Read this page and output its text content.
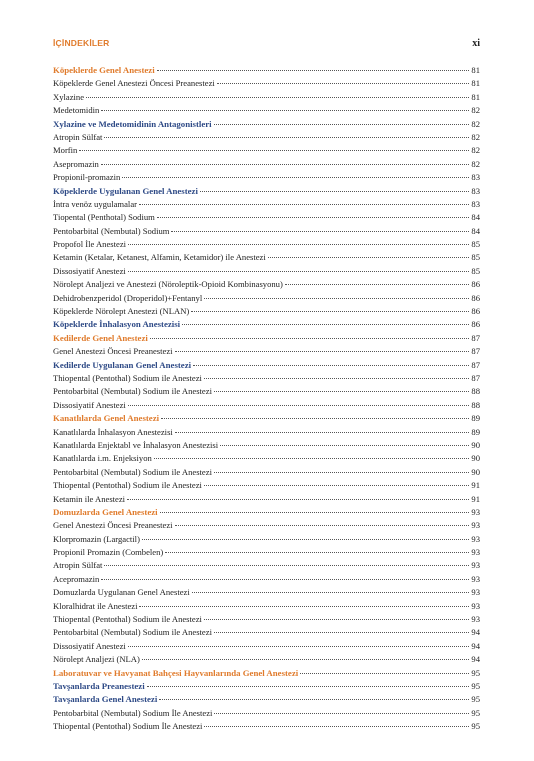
İÇİNDEKİLER	xi
Köpeklerde Genel Anestezi	81
Köpeklerde Genel Anestezi Öncesi Preanestezi	81
Xylazine	81
Medetomidin	82
Xylazine ve Medetomidinin Antagonistleri	82
Atropin Sülfat	82
Morfin	82
Asepromazin	82
Propionil-promazin	83
Köpeklerde Uygulanan Genel Anestezi	83
İntra venöz uygulamalar	83
Tiopental (Penthotal) Sodium	84
Pentobarbital (Nembutal) Sodium	84
Propofol İle Anestezi	85
Ketamin (Ketalar, Ketanest, Alfamin, Ketamidor) ile Anestezi	85
Dissosiyatif Anestezi	85
Nörolept Analjezi ve Anestezi (Nöroleptik-Opioid Kombinasyonu)	86
Dehidrobenzperidol (Droperidol)+Fentanyl	86
Köpeklerde Nörolept Anestezi (NLAN)	86
Köpeklerde İnhalasyon Anestezisi	86
Kedilerde Genel Anestezi	87
Genel Anestezi Öncesi Preanestezi	87
Kedilerde Uygulanan Genel Anestezi	87
Thiopental (Pentothal) Sodium ile Anestezi	87
Pentobarbital (Nembutal) Sodium ile Anestezi	88
Dissosiyatif Anestezi	88
Kanatlılarda Genel Anestezi	89
Kanatlılarda İnhalasyon Anestezisi	89
Kanatlılarda Enjektabl ve İnhalasyon Anestezisi	90
Kanatlılarda i.m. Enjeksiyon	90
Pentobarbital (Nembutal) Sodium ile Anestezi	90
Thiopental (Pentothal) Sodium ile Anestezi	91
Ketamin ile Anestezi	91
Domuzlarda Genel Anestezi	93
Genel Anestezi Öncesi Preanestezi	93
Klorpromazin (Largactil)	93
Propionil Promazin (Combelen)	93
Atropin Sülfat	93
Acepromazin	93
Domuzlarda Uygulanan Genel Anestezi	93
Kloralhidrat ile Anestezi	93
Thiopental (Pentothal) Sodium ile Anestezi	93
Pentobarbital (Nembutal) Sodium ile Anestezi	94
Dissosiyatif Anestezi	94
Nörolept Analjezi (NLA)	94
Laboratuvar ve Havyanat Bahçesi Hayvanlarında Genel Anestezi	95
Tavşanlarda Preanestezi	95
Tavşanlarda Genel Anestezi	95
Pentobarbital (Nembutal) Sodium İle Anestezi	95
Thiopental (Pentothal) Sodium İle Anestezi	95
